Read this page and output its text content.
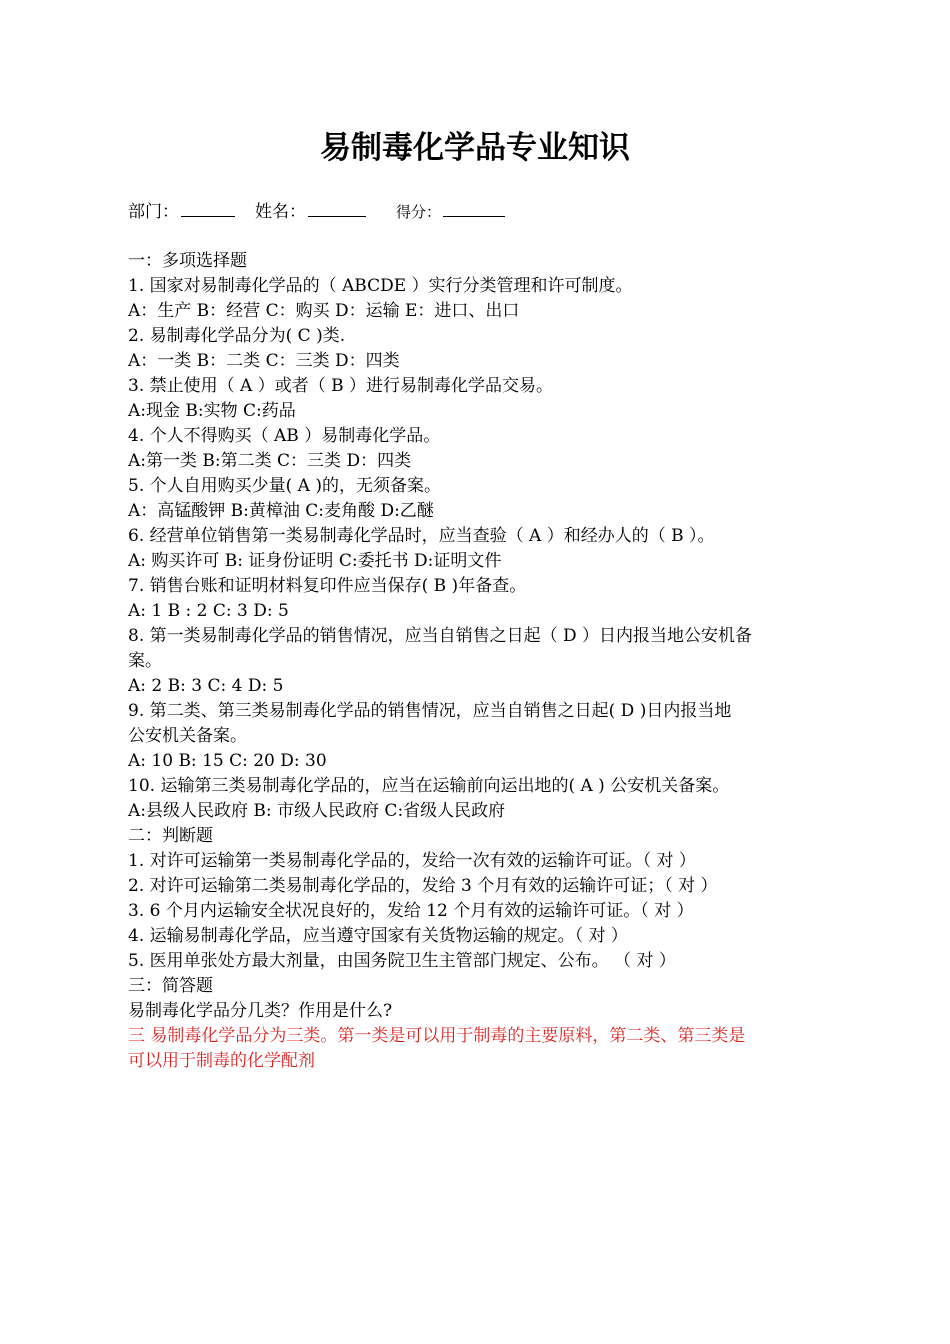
易制毒化学品专业知识
部门：	姓名：	得分：
一：多项选择题
1. 国家对易制毒化学品的（ ABCDE ）实行分类管理和许可制度。
A：生产 B：经营 C：购买 D：运输 E：进口、出口
2. 易制毒化学品分为( C )类.
A：一类 B：二类 C：三类 D：四类
3. 禁止使用（ A ）或者（ B ）进行易制毒化学品交易。
A:现金 B:实物 C:药品
4. 个人不得购买（ AB ）易制毒化学品。
A:第一类 B:第二类 C：三类 D：四类
5. 个人自用购买少量( A )的，无须备案。
A：高锰酸钾 B:黄樟油 C:麦角酸 D:乙醚
6. 经营单位销售第一类易制毒化学品时，应当查验（ A ）和经办人的（ B ）。
A: 购买许可 B: 证身份证明 C:委托书 D:证明文件
7. 销售台账和证明材料复印件应当保存( B )年备查。
A: 1 B : 2 C: 3 D: 5
8. 第一类易制毒化学品的销售情况，应当自销售之日起（ D ）日内报当地公安机备
案。
A: 2 B: 3 C: 4 D: 5
9. 第二类、第三类易制毒化学品的销售情况，应当自销售之日起( D )日内报当地
公安机关备案。
A: 10 B: 15 C: 20 D: 30
10. 运输第三类易制毒化学品的，应当在运输前向运出地的( A ) 公安机关备案。
A:县级人民政府 B: 市级人民政府 C:省级人民政府
二：判断题
1. 对许可运输第一类易制毒化学品的，发给一次有效的运输许可证。（ 对 ）
2. 对许可运输第二类易制毒化学品的，发给 3 个月有效的运输许可证；（ 对 ）
3. 6 个月内运输安全状况良好的，发给 12 个月有效的运输许可证。（ 对 ）
4. 运输易制毒化学品，应当遵守国家有关货物运输的规定。（ 对 ）
5. 医用单张处方最大剂量，由国务院卫生主管部门规定、公布。 （ 对 ）
三：简答题
易制毒化学品分几类？作用是什么?
三 易制毒化学品分为三类。第一类是可以用于制毒的主要原料，第二类、第三类是
可以用于制毒的化学配剂
